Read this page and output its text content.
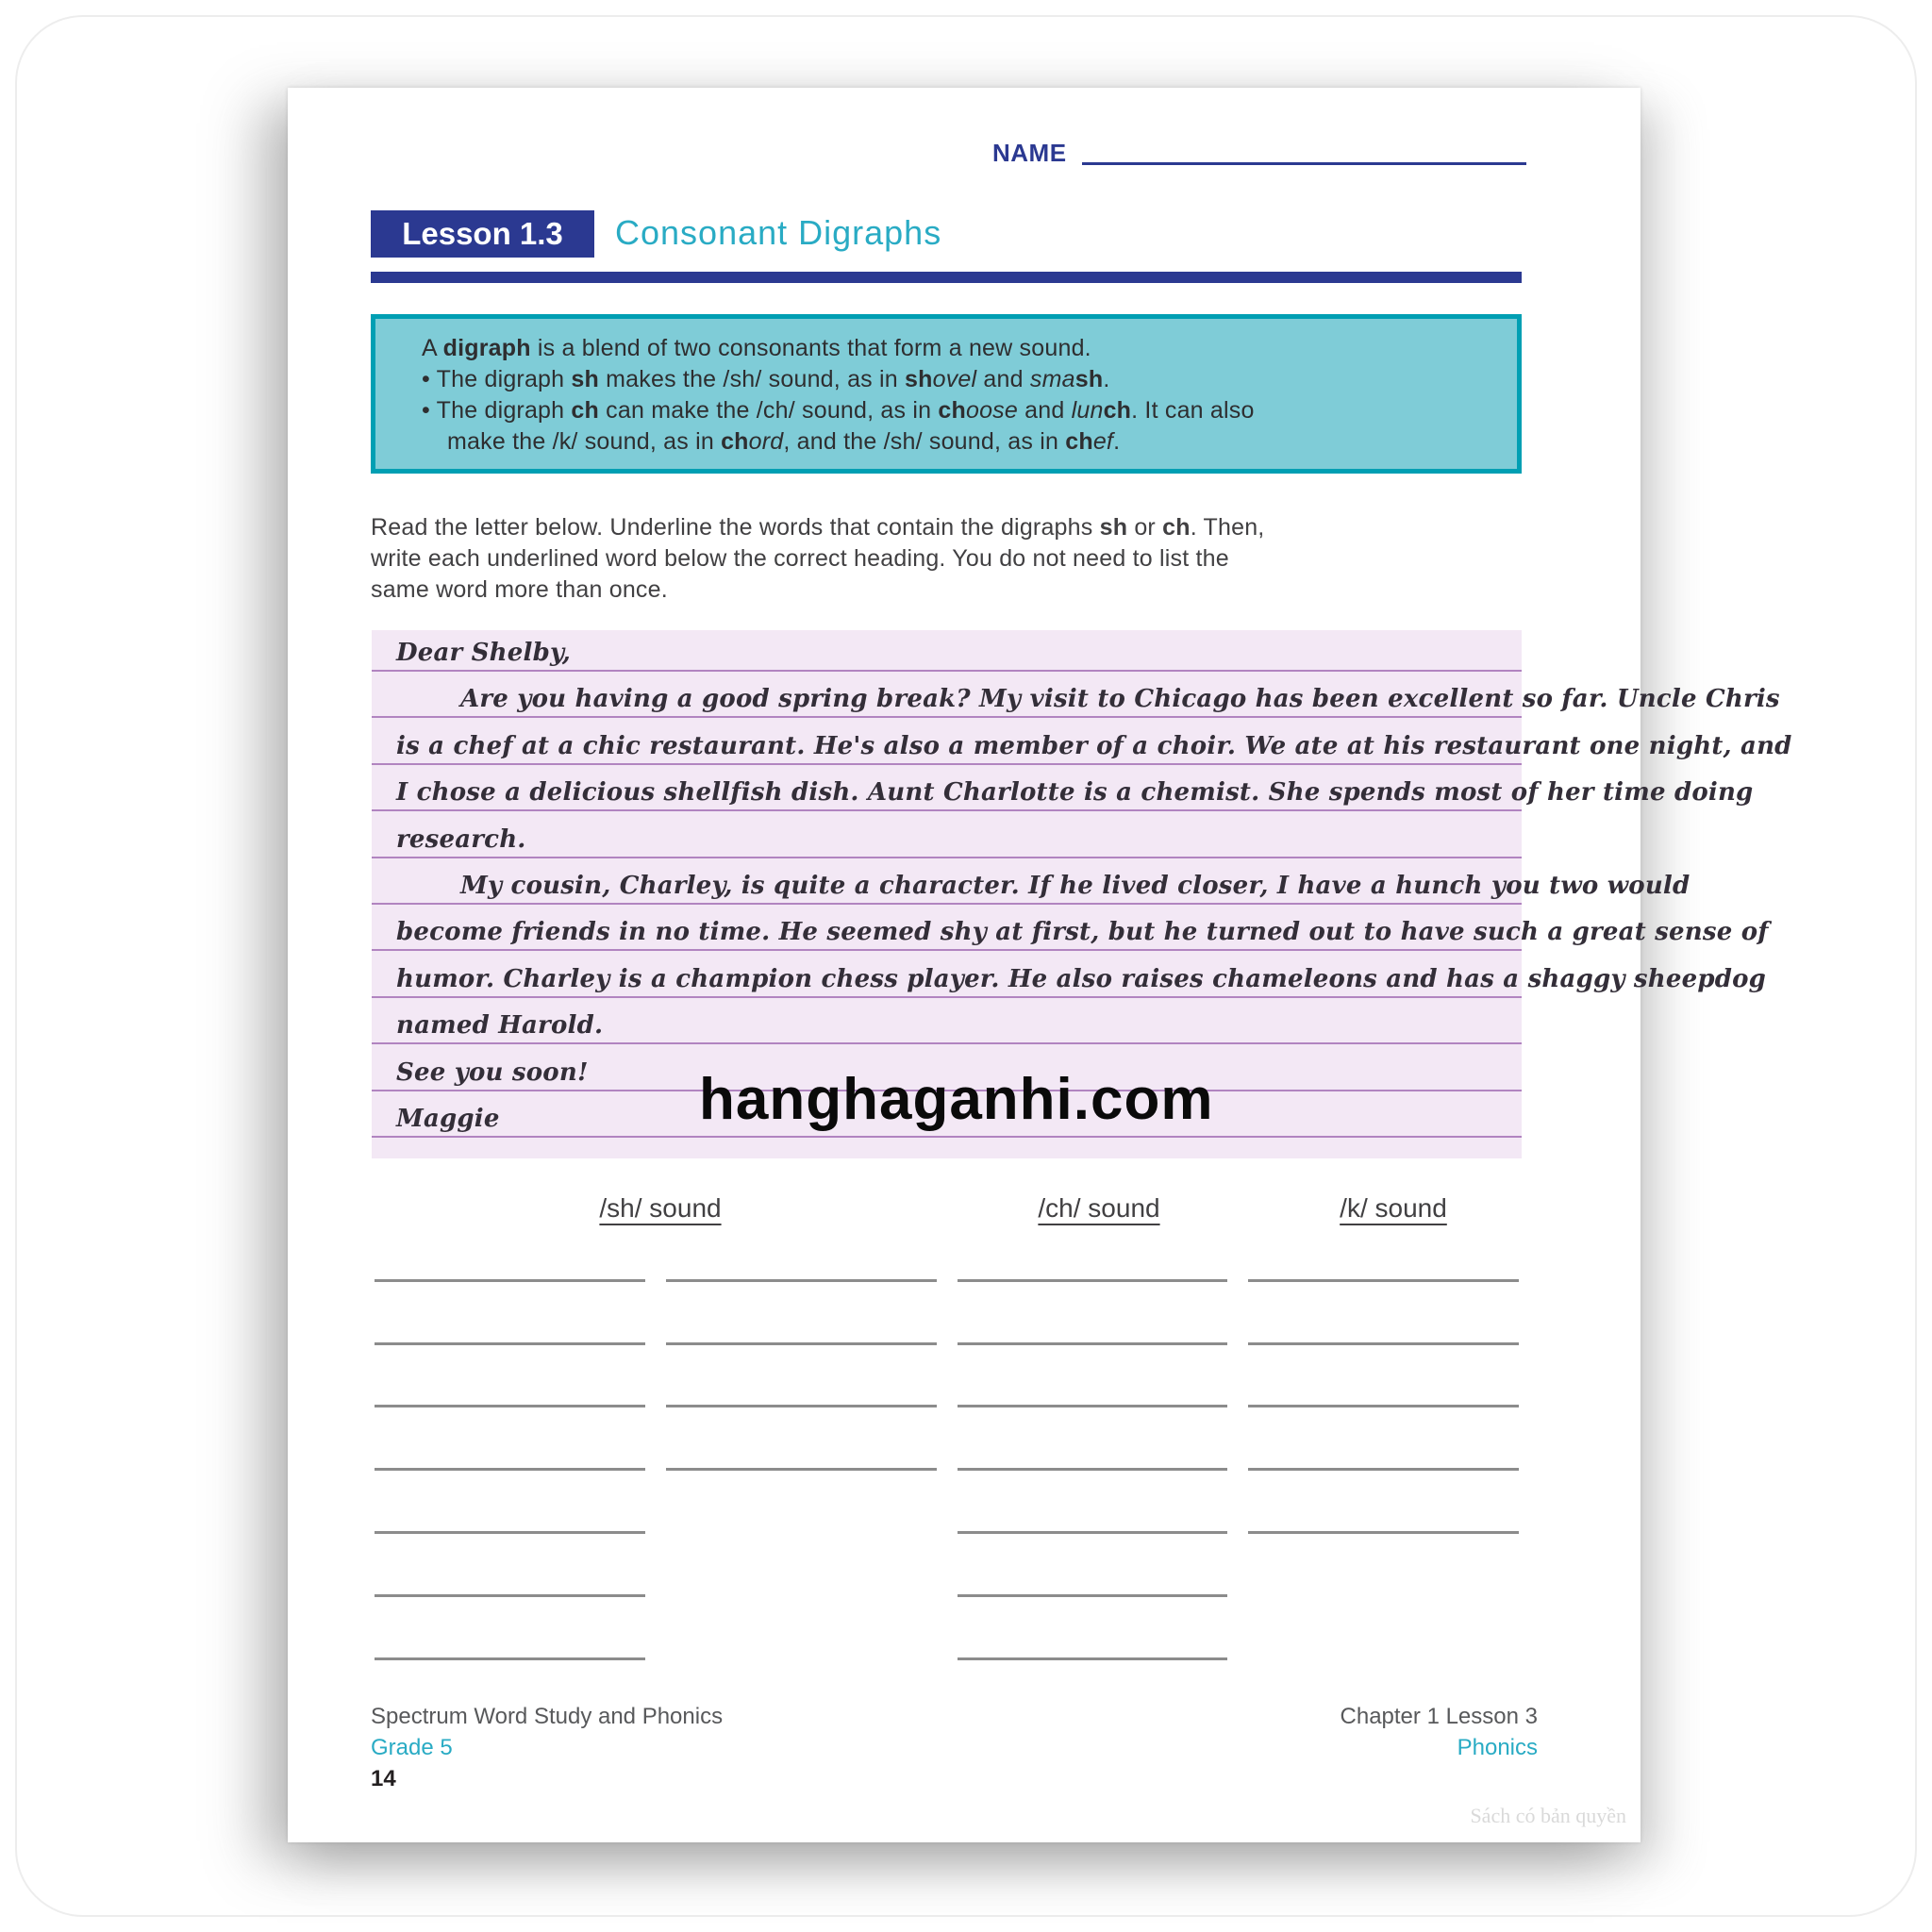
NAME
Lesson 1.3	Consonant Digraphs

A digraph is a blend of two consonants that form a new sound.

• The digraph sh makes the /sh/ sound, as in shovel and smash.

• The digraph ch can make the /ch/ sound, as in choose and lunch. It can also

make the /k/ sound, as in chord, and the /sh/ sound, as in chef.

Read the letter below. Underline the words that contain the digraphs sh or ch. Then,

write each underlined word below the correct heading. You do not need to list the

same word more than once.

Dear Shelby,
Are you having a good spring break? My visit to Chicago has been excellent so far. Uncle Chris
is a chef at a chic restaurant. He's also a member of a choir. We ate at his restaurant one night, and
I chose a delicious shellfish dish. Aunt Charlotte is a chemist. She spends most of her time doing
research.
My cousin, Charley, is quite a character. If he lived closer, I have a hunch you two would
become friends in no time. He seemed shy at first, but he turned out to have such a great sense of
humor. Charley is a champion chess player. He also raises chameleons and has a shaggy sheepdog
named Harold.
See you soon!
Maggie	hanghaganhi.com
/sh/ sound	/ch/ sound	/k/ sound
Spectrum Word Study and Phonics
Grade 5
14
Chapter 1 Lesson 3
Phonics
Sách có bản quyền
